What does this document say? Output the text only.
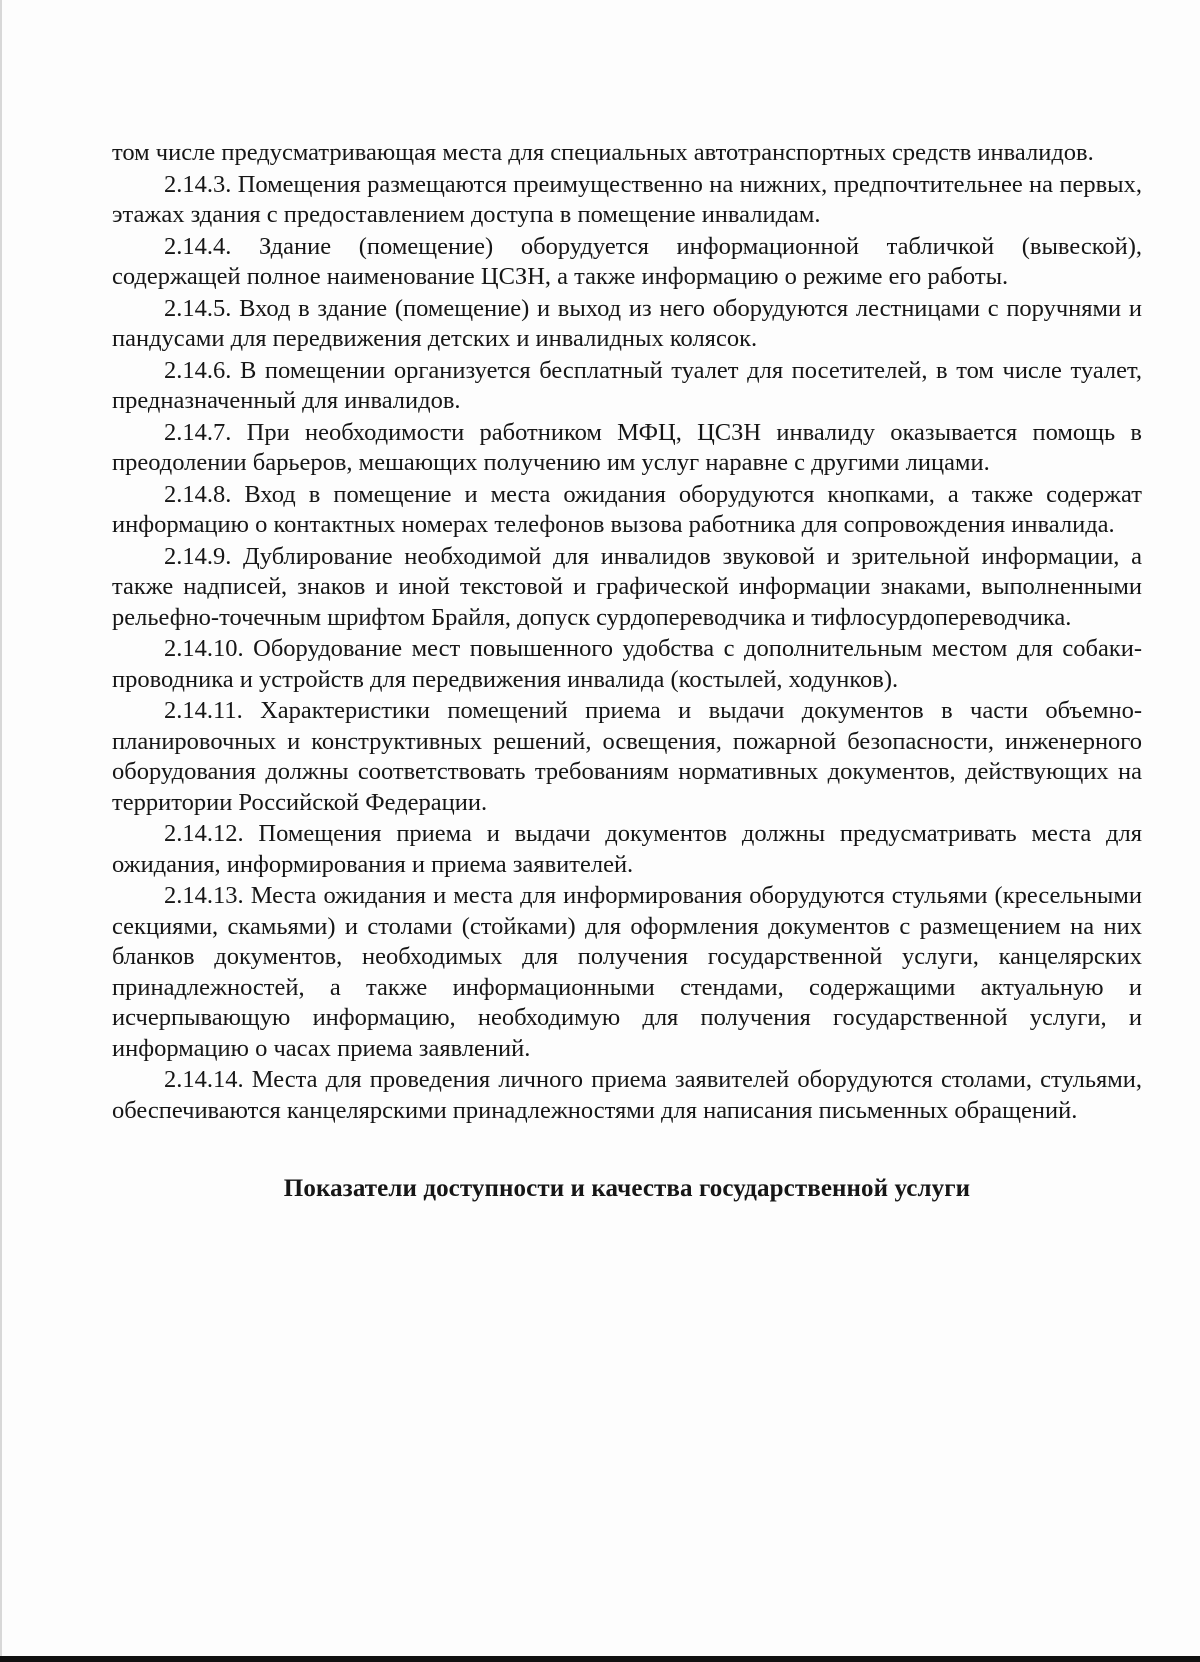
том числе предусматривающая места для специальных автотранспортных средств инвалидов.

2.14.3. Помещения размещаются преимущественно на нижних, предпочтительнее на первых, этажах здания с предоставлением доступа в помещение инвалидам.

2.14.4. Здание (помещение) оборудуется информационной табличкой (вывеской), содержащей полное наименование ЦСЗН, а также информацию о режиме его работы.

2.14.5. Вход в здание (помещение) и выход из него оборудуются лестницами с поручнями и пандусами для передвижения детских и инвалидных колясок.

2.14.6. В помещении организуется бесплатный туалет для посетителей, в том числе туалет, предназначенный для инвалидов.

2.14.7. При необходимости работником МФЦ, ЦСЗН инвалиду оказывается помощь в преодолении барьеров, мешающих получению им услуг наравне с другими лицами.

2.14.8. Вход в помещение и места ожидания оборудуются кнопками, а также содержат информацию о контактных номерах телефонов вызова работника для сопровождения инвалида.

2.14.9. Дублирование необходимой для инвалидов звуковой и зрительной информации, а также надписей, знаков и иной текстовой и графической информации знаками, выполненными рельефно-точечным шрифтом Брайля, допуск сурдопереводчика и тифлосурдопереводчика.

2.14.10. Оборудование мест повышенного удобства с дополнительным местом для собаки-проводника и устройств для передвижения инвалида (костылей, ходунков).

2.14.11. Характеристики помещений приема и выдачи документов в части объемно-планировочных и конструктивных решений, освещения, пожарной безопасности, инженерного оборудования должны соответствовать требованиям нормативных документов, действующих на территории Российской Федерации.

2.14.12. Помещения приема и выдачи документов должны предусматривать места для ожидания, информирования и приема заявителей.

2.14.13. Места ожидания и места для информирования оборудуются стульями (кресельными секциями, скамьями) и столами (стойками) для оформления документов с размещением на них бланков документов, необходимых для получения государственной услуги, канцелярских принадлежностей, а также информационными стендами, содержащими актуальную и исчерпывающую информацию, необходимую для получения государственной услуги, и информацию о часах приема заявлений.

2.14.14. Места для проведения личного приема заявителей оборудуются столами, стульями, обеспечиваются канцелярскими принадлежностями для написания письменных обращений.

Показатели доступности и качества государственной услуги
